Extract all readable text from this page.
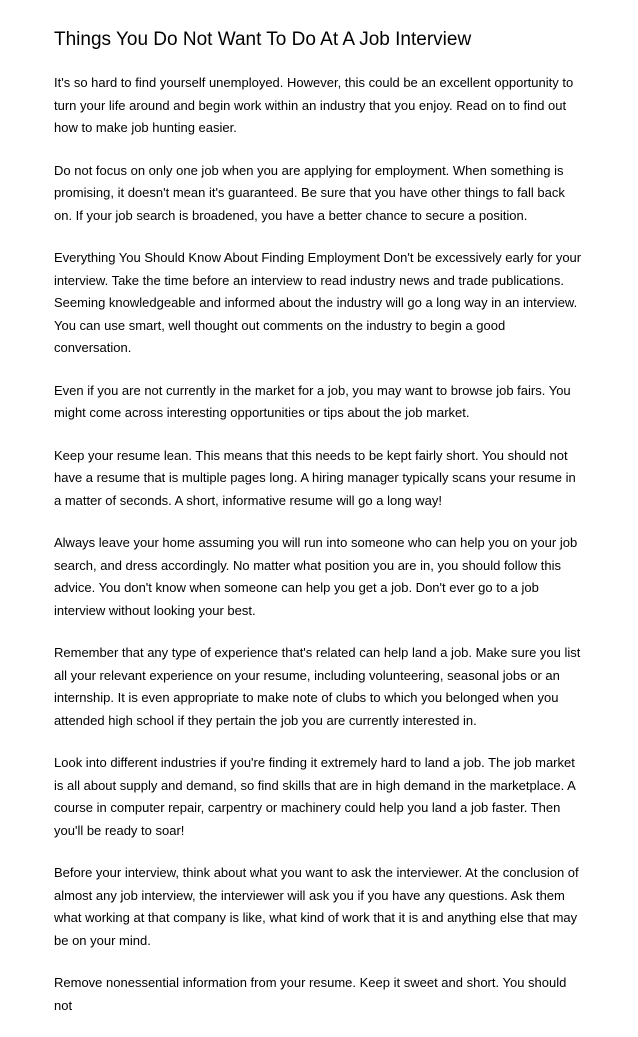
Things You Do Not Want To Do At A Job Interview

It's so hard to find yourself unemployed. However, this could be an excellent opportunity to turn your life around and begin work within an industry that you enjoy. Read on to find out how to make job hunting easier.

Do not focus on only one job when you are applying for employment. When something is promising, it doesn't mean it's guaranteed. Be sure that you have other things to fall back on. If your job search is broadened, you have a better chance to secure a position.

Everything You Should Know About Finding Employment Don't be excessively early for your interview. Take the time before an interview to read industry news and trade publications. Seeming knowledgeable and informed about the industry will go a long way in an interview. You can use smart, well thought out comments on the industry to begin a good conversation.

Even if you are not currently in the market for a job, you may want to browse job fairs. You might come across interesting opportunities or tips about the job market.

Keep your resume lean. This means that this needs to be kept fairly short. You should not have a resume that is multiple pages long. A hiring manager typically scans your resume in a matter of seconds. A short, informative resume will go a long way!

Always leave your home assuming you will run into someone who can help you on your job search, and dress accordingly. No matter what position you are in, you should follow this advice. You don't know when someone can help you get a job. Don't ever go to a job interview without looking your best.

Remember that any type of experience that's related can help land a job. Make sure you list all your relevant experience on your resume, including volunteering, seasonal jobs or an internship. It is even appropriate to make note of clubs to which you belonged when you attended high school if they pertain the job you are currently interested in.

Look into different industries if you're finding it extremely hard to land a job. The job market is all about supply and demand, so find skills that are in high demand in the marketplace. A course in computer repair, carpentry or machinery could help you land a job faster. Then you'll be ready to soar!

Before your interview, think about what you want to ask the interviewer. At the conclusion of almost any job interview, the interviewer will ask you if you have any questions. Ask them what working at that company is like, what kind of work that it is and anything else that may be on your mind.

Remove nonessential information from your resume. Keep it sweet and short. You should not
